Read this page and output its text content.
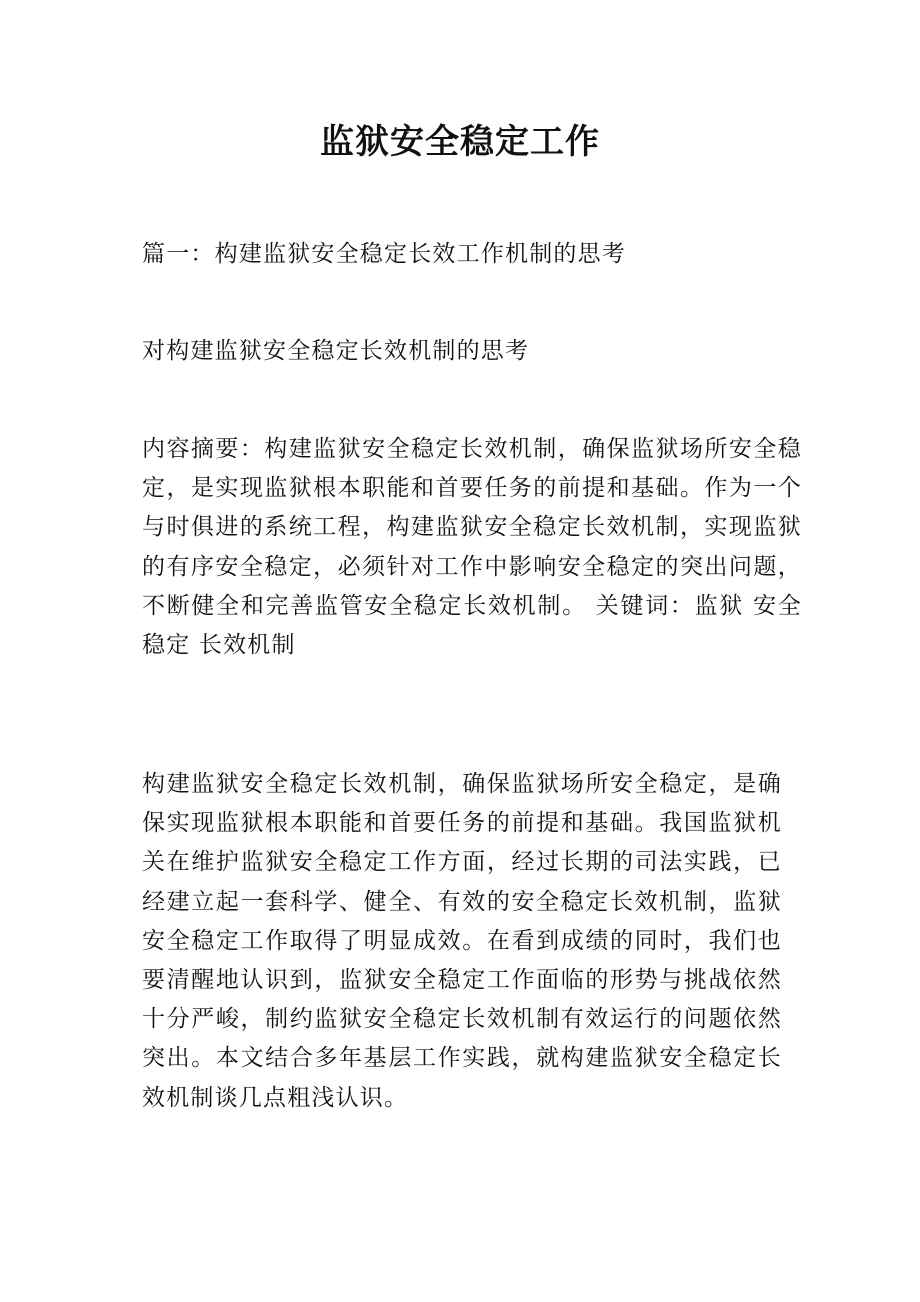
监狱安全稳定工作
篇一：构建监狱安全稳定长效工作机制的思考
对构建监狱安全稳定长效机制的思考
内容摘要：构建监狱安全稳定长效机制，确保监狱场所安全稳定，是实现监狱根本职能和首要任务的前提和基础。作为一个与时俱进的系统工程，构建监狱安全稳定长效机制，实现监狱的有序安全稳定，必须针对工作中影响安全稳定的突出问题，不断健全和完善监管安全稳定长效机制。 关键词：监狱 安全稳定 长效机制
构建监狱安全稳定长效机制，确保监狱场所安全稳定，是确保实现监狱根本职能和首要任务的前提和基础。我国监狱机关在维护监狱安全稳定工作方面，经过长期的司法实践，已经建立起一套科学、健全、有效的安全稳定长效机制，监狱安全稳定工作取得了明显成效。在看到成绩的同时，我们也要清醒地认识到，监狱安全稳定工作面临的形势与挑战依然十分严峻，制约监狱安全稳定长效机制有效运行的问题依然突出。本文结合多年基层工作实践，就构建监狱安全稳定长效机制谈几点粗浅认识。
